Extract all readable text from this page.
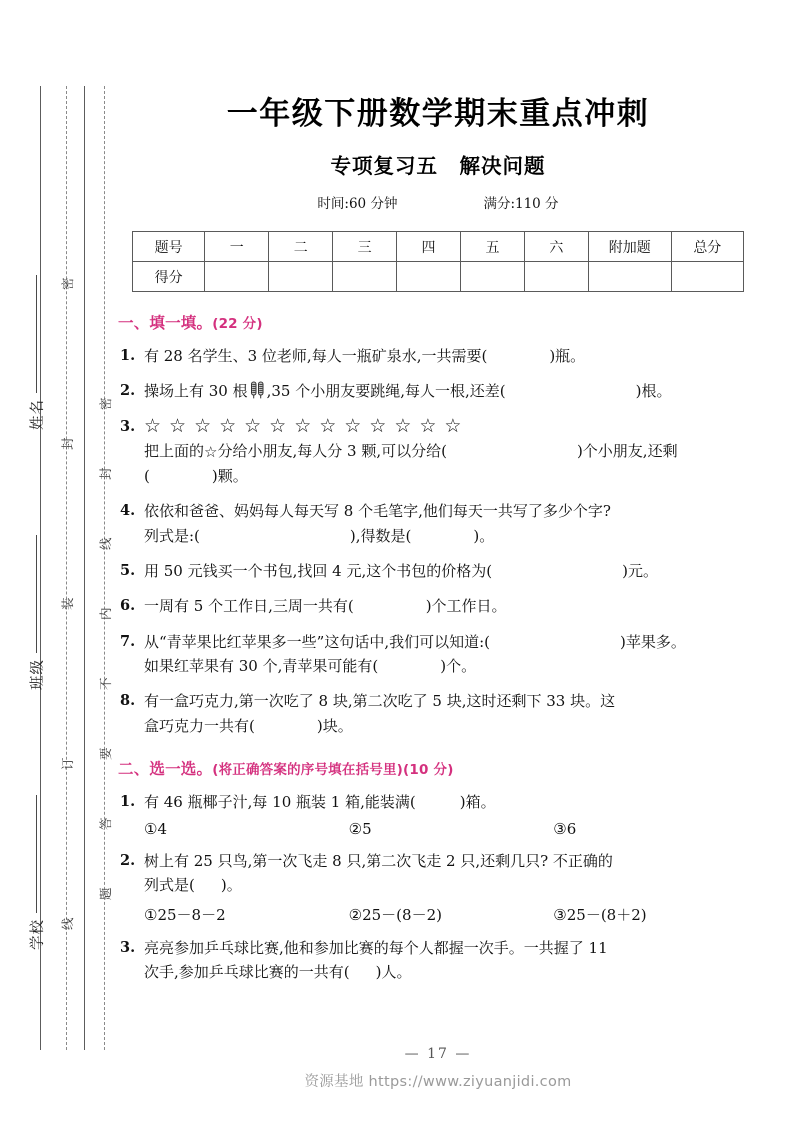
姓名
班级
学校 线订装封密
题答要不内线封密
一年级下册数学期末重点冲刺
专项复习五　解决问题
时间:60 分钟	满分:110 分
题号	一	二	三	四	五	六	附加题	总分
得分								
一、填一填。(22 分)
1. 有 28 名学生、3 位老师,每人一瓶矿泉水,一共需要(	)瓶。
2. 操场上有 30 根 ,35 个小朋友要跳绳,每人一根,还差(	)根。
3. ☆☆☆☆☆☆☆☆☆☆☆☆☆
把上面的☆分给小朋友,每人分 3 颗,可以分给(	)个小朋友,还剩
(	)颗。
4. 依依和爸爸、妈妈每人每天写 8 个毛笔字,他们每天一共写了多少个字?
列式是:(	),得数是(	)。
5. 用 50 元钱买一个书包,找回 4 元,这个书包的价格为(	)元。
6. 一周有 5 个工作日,三周一共有(	)个工作日。
7. 从“青苹果比红苹果多一些”这句话中,我们可以知道:(	)苹果多。
如果红苹果有 30 个,青苹果可能有(	)个。
8. 有一盒巧克力,第一次吃了 8 块,第二次吃了 5 块,这时还剩下 33 块。这
盒巧克力一共有(	)块。
二、选一选。(将正确答案的序号填在括号里)(10 分)
1. 有 46 瓶椰子汁,每 10 瓶装 1 箱,能装满(	)箱。
①4	②5	③6
2. 树上有 25 只鸟,第一次飞走 8 只,第二次飞走 2 只,还剩几只? 不正确的
列式是( )。
①25－8－2	②25－(8－2)	③25－(8＋2)
3. 亮亮参加乒乓球比赛,他和参加比赛的每个人都握一次手。一共握了 11
次手,参加乒乓球比赛的一共有( )人。
— 17 —
资源基地 https://www.ziyuanjidi.com
